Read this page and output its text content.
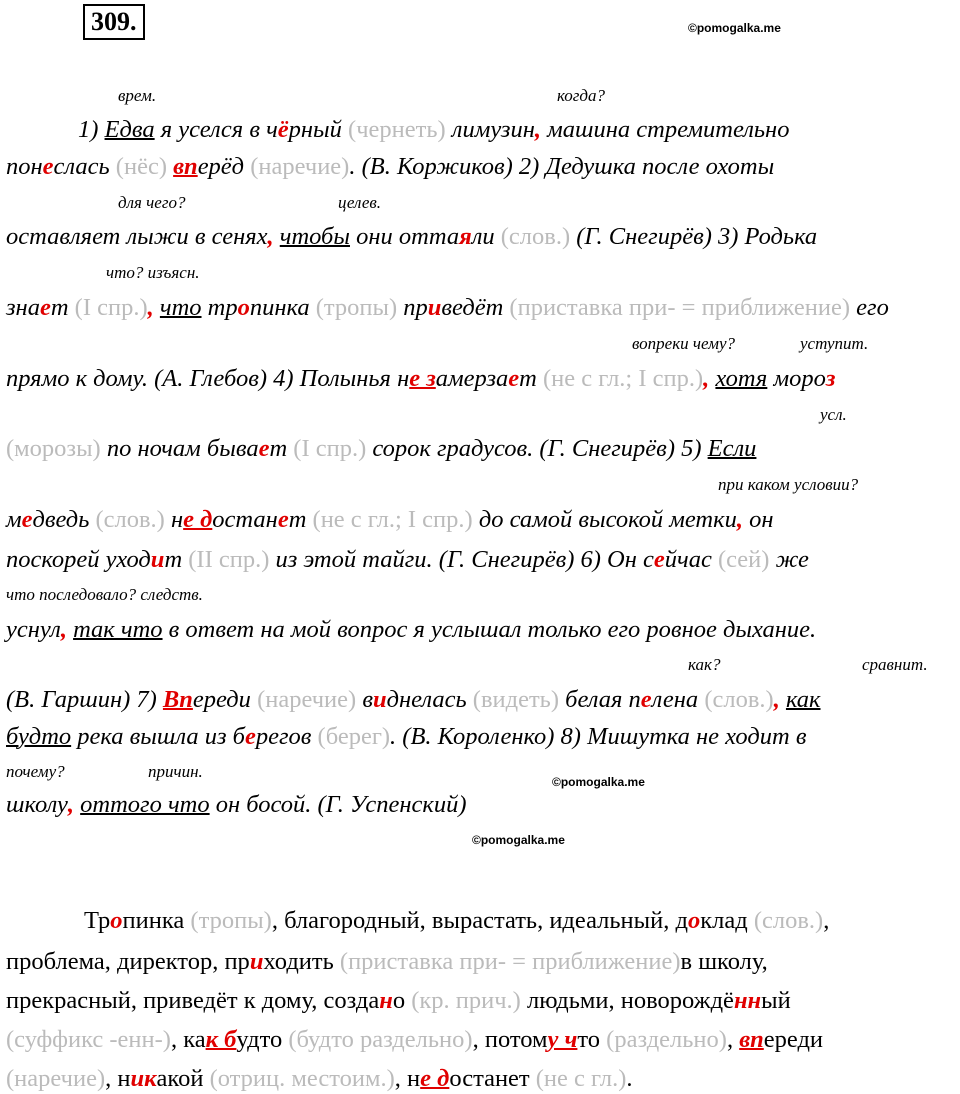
309.	©pomogalka.me
врем.	когда?
1) Едва я уселся в чёрный (чернеть) лимузин, машина стремительно
понеслась (нёс) вперёд (наречие). (В. Коржиков) 2) Дедушка после охоты
для чего?	целев.
оставляет лыжи в сенях, чтобы они оттаяли (слов.) (Г. Снегирёв) 3) Родька
что? изъясн.
знает (I спр.), что тропинка (тропы) приведёт (приставка при- = приближение) его
вопреки чему?	уступит.
прямо к дому. (А. Глебов) 4) Полынья не замерзает (не с гл.; I спр.), хотя мороз
усл.
(морозы) по ночам бывает (I спр.) сорок градусов. (Г. Снегирёв) 5) Если
при каком условии?
медведь (слов.) не достанет (не с гл.; I спр.) до самой высокой метки, он
поскорей уходит (II спр.) из этой тайги. (Г. Снегирёв) 6) Он сейчас (сей) же
что последовало? следств.
уснул, так что в ответ на мой вопрос я услышал только его ровное дыхание.
как?	сравнит.
(В. Гаршин) 7) Впереди (наречие) виднелась (видеть) белая пелена (слов.), как
будто река вышла из берегов (берег). (В. Короленко) 8) Мишутка не ходит в
почему?	причин.
©pomogalka.me
школу, оттого что он босой. (Г. Успенский)
©pomogalka.me
Тропинка (тропы), благородный, вырастать, идеальный, доклад (слов.),
проблема, директор, приходить (приставка при- = приближение)в школу,
прекрасный, приведёт к дому, создано (кр. прич.) людьми, новорождённый
(суффикс -енн-), как будто (будто раздельно), потому что (раздельно), впереди
(наречие), никакой (отриц. местоим.), не достанет (не с гл.).
